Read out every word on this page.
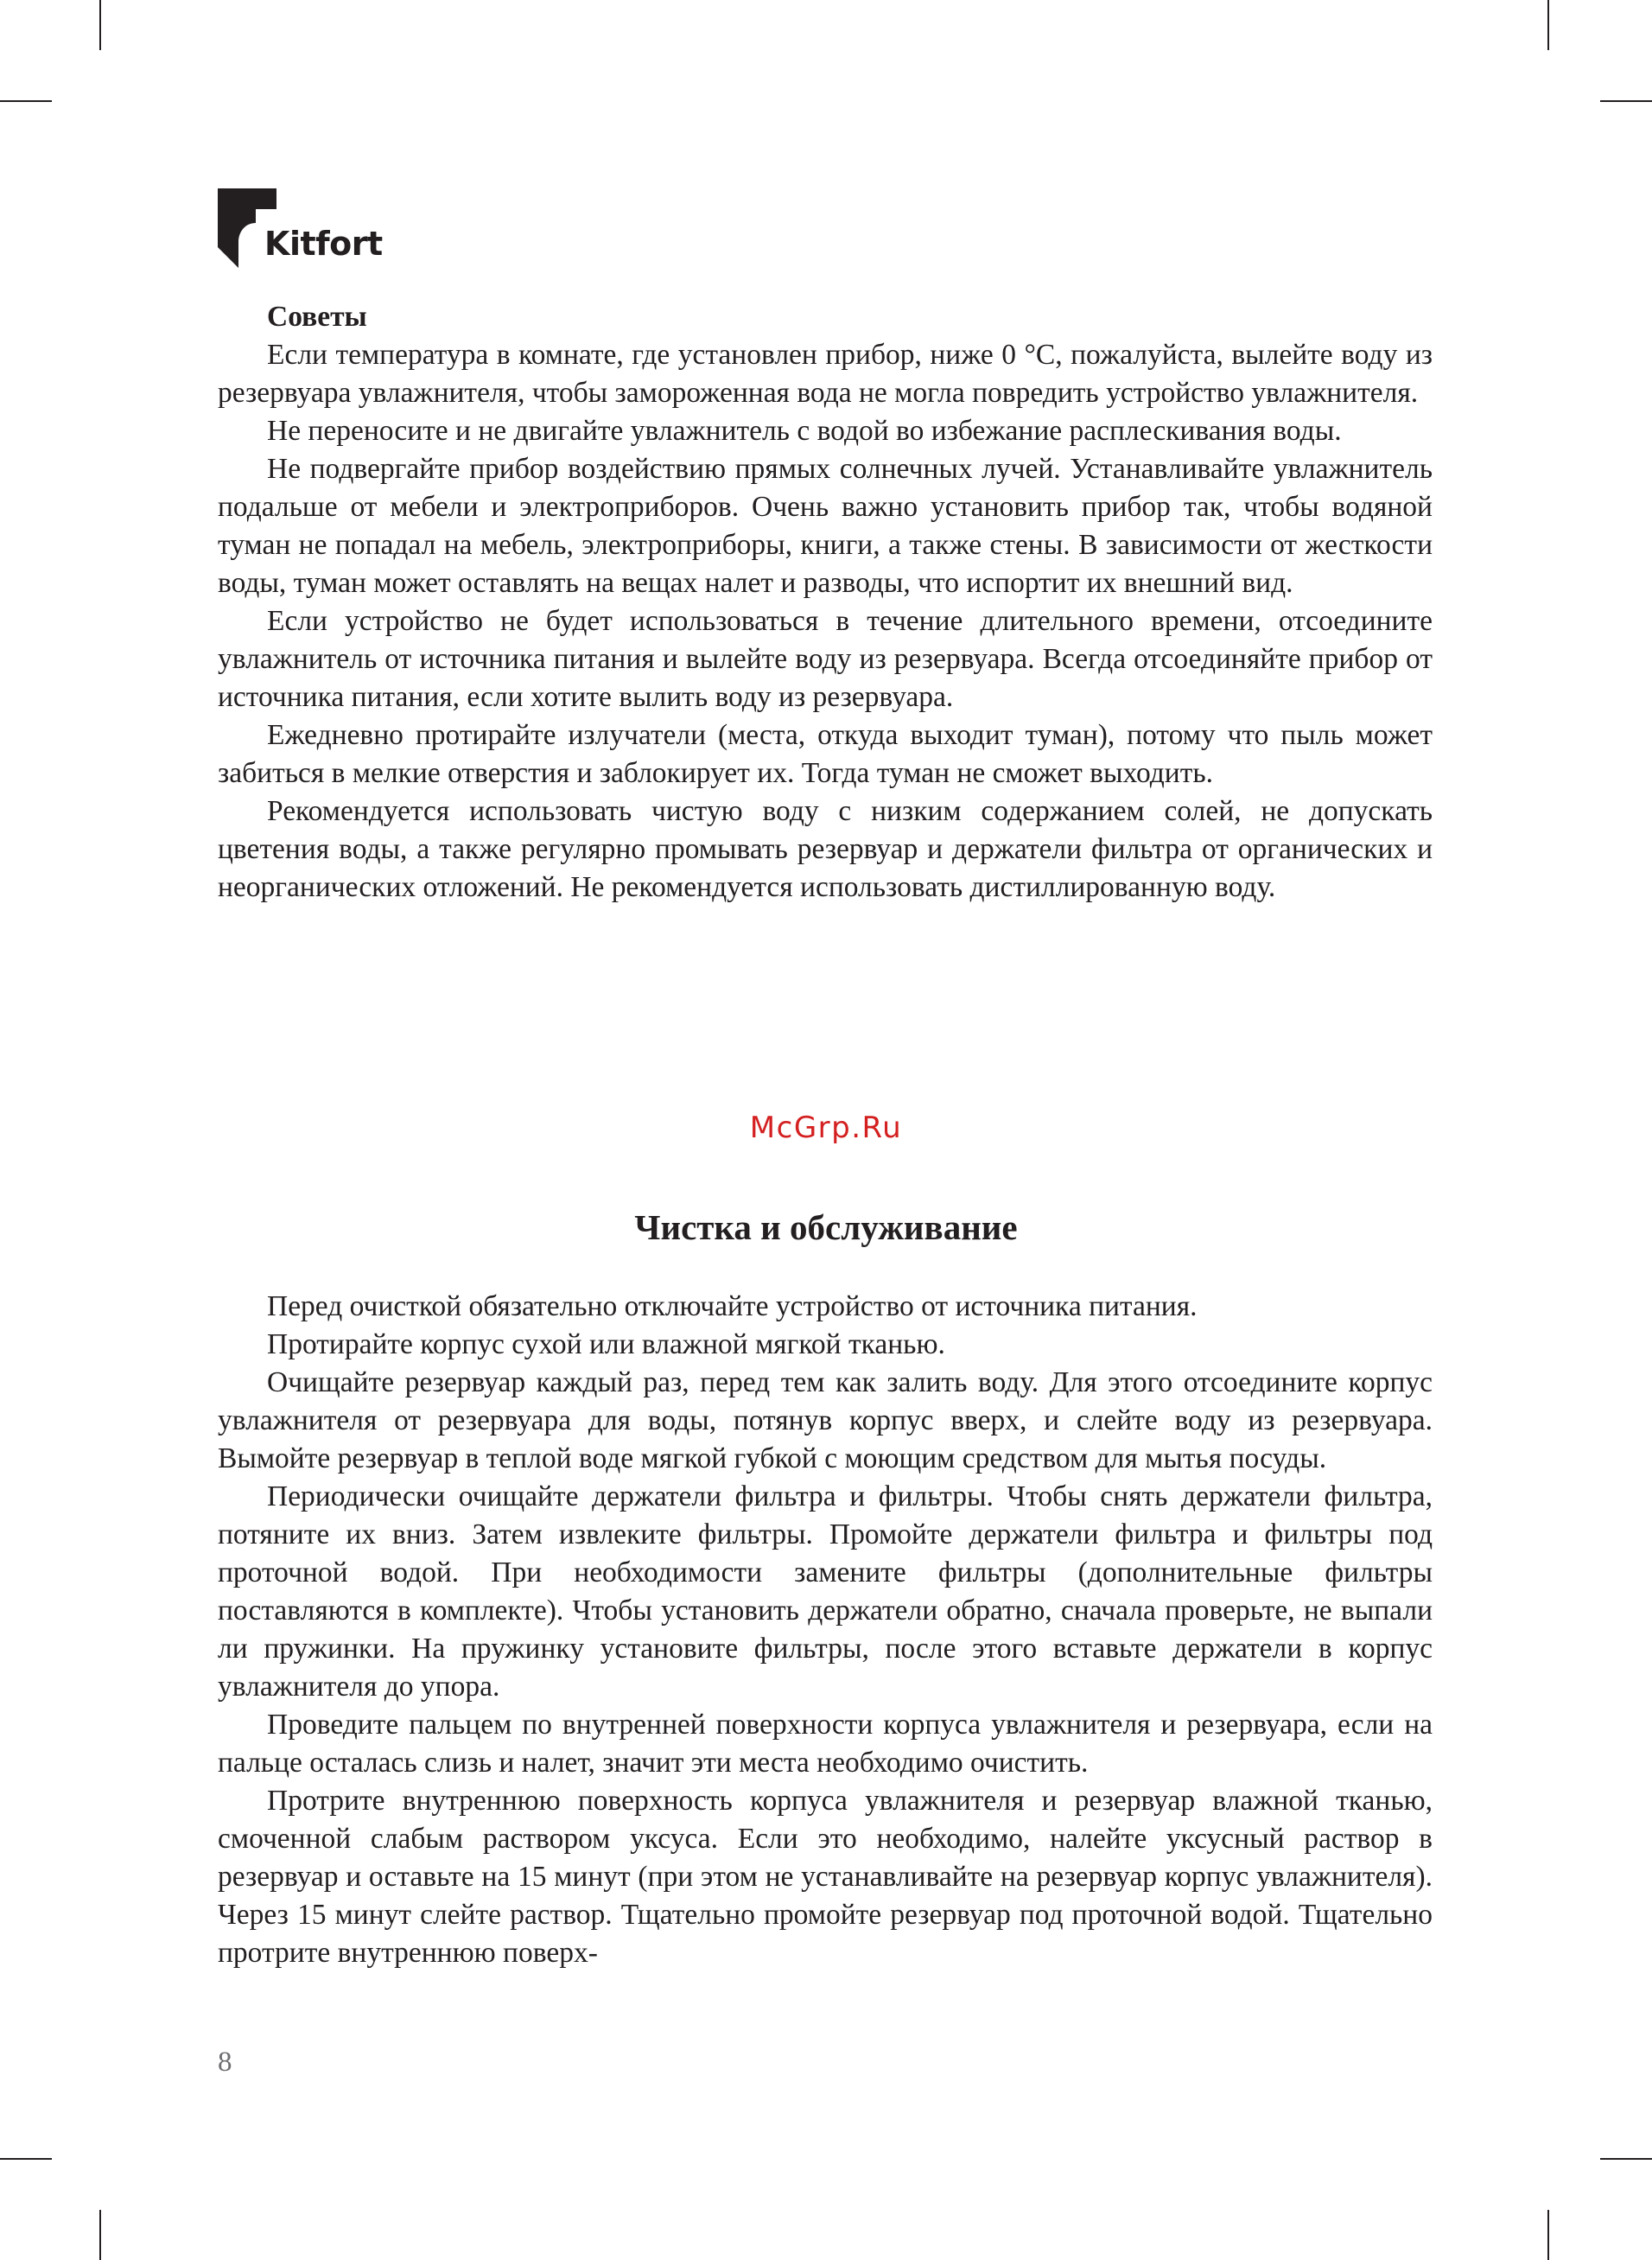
Kitfort
Советы

Если температура в комнате, где установлен прибор, ниже 0 °С, пожалуйста, вылейте воду из резервуара увлажнителя, чтобы замороженная вода не могла повредить устройство увлажнителя.

Не переносите и не двигайте увлажнитель с водой во избежание расплескивания воды.

Не подвергайте прибор воздействию прямых солнечных лучей. Устанавливайте увлажнитель подальше от мебели и электроприборов. Очень важно установить прибор так, чтобы водяной туман не попадал на мебель, электроприборы, книги, а также стены. В зависимости от жесткости воды, туман может оставлять на вещах налет и разводы, что испортит их внешний вид.

Если устройство не будет использоваться в течение длительного времени, отсоедините увлажнитель от источника питания и вылейте воду из резервуара. Всегда отсоединяйте прибор от источника питания, если хотите вылить воду из резервуара.

Ежедневно протирайте излучатели (места, откуда выходит туман), потому что пыль может забиться в мелкие отверстия и заблокирует их. Тогда туман не сможет выходить.

Рекомендуется использовать чистую воду с низким содержанием солей, не допускать цветения воды, а также регулярно промывать резервуар и держатели фильтра от органических и неорганических отложений. Не рекомендуется использовать дистиллированную воду.

McGrp.Ru
Чистка и обслуживание

Перед очисткой обязательно отключайте устройство от источника питания.

Протирайте корпус сухой или влажной мягкой тканью.

Очищайте резервуар каждый раз, перед тем как залить воду. Для этого отсоедините корпус увлажнителя от резервуара для воды, потянув корпус вверх, и слейте воду из резервуара. Вымойте резервуар в теплой воде мягкой губкой с моющим средством для мытья посуды.

Периодически очищайте держатели фильтра и фильтры. Чтобы снять держатели фильтра, потяните их вниз. Затем извлеките фильтры. Промойте держатели фильтра и фильтры под проточной водой. При необходимости замените фильтры (дополнительные фильтры поставляются в комплекте). Чтобы установить держатели обратно, сначала проверьте, не выпали ли пружинки. На пружинку установите фильтры, после этого вставьте держатели в корпус увлажнителя до упора.

Проведите пальцем по внутренней поверхности корпуса увлажнителя и резервуара, если на пальце осталась слизь и налет, значит эти места необходимо очистить.

Протрите внутреннюю поверхность корпуса увлажнителя и резервуар влажной тканью, смоченной слабым раствором уксуса. Если это необходимо, налейте уксусный раствор в резервуар и оставьте на 15 минут (при этом не устанавливайте на резервуар корпус увлажнителя). Через 15 минут слейте раствор. Тщательно промойте резервуар под проточной водой. Тщательно протрите внутреннюю поверх-

8
